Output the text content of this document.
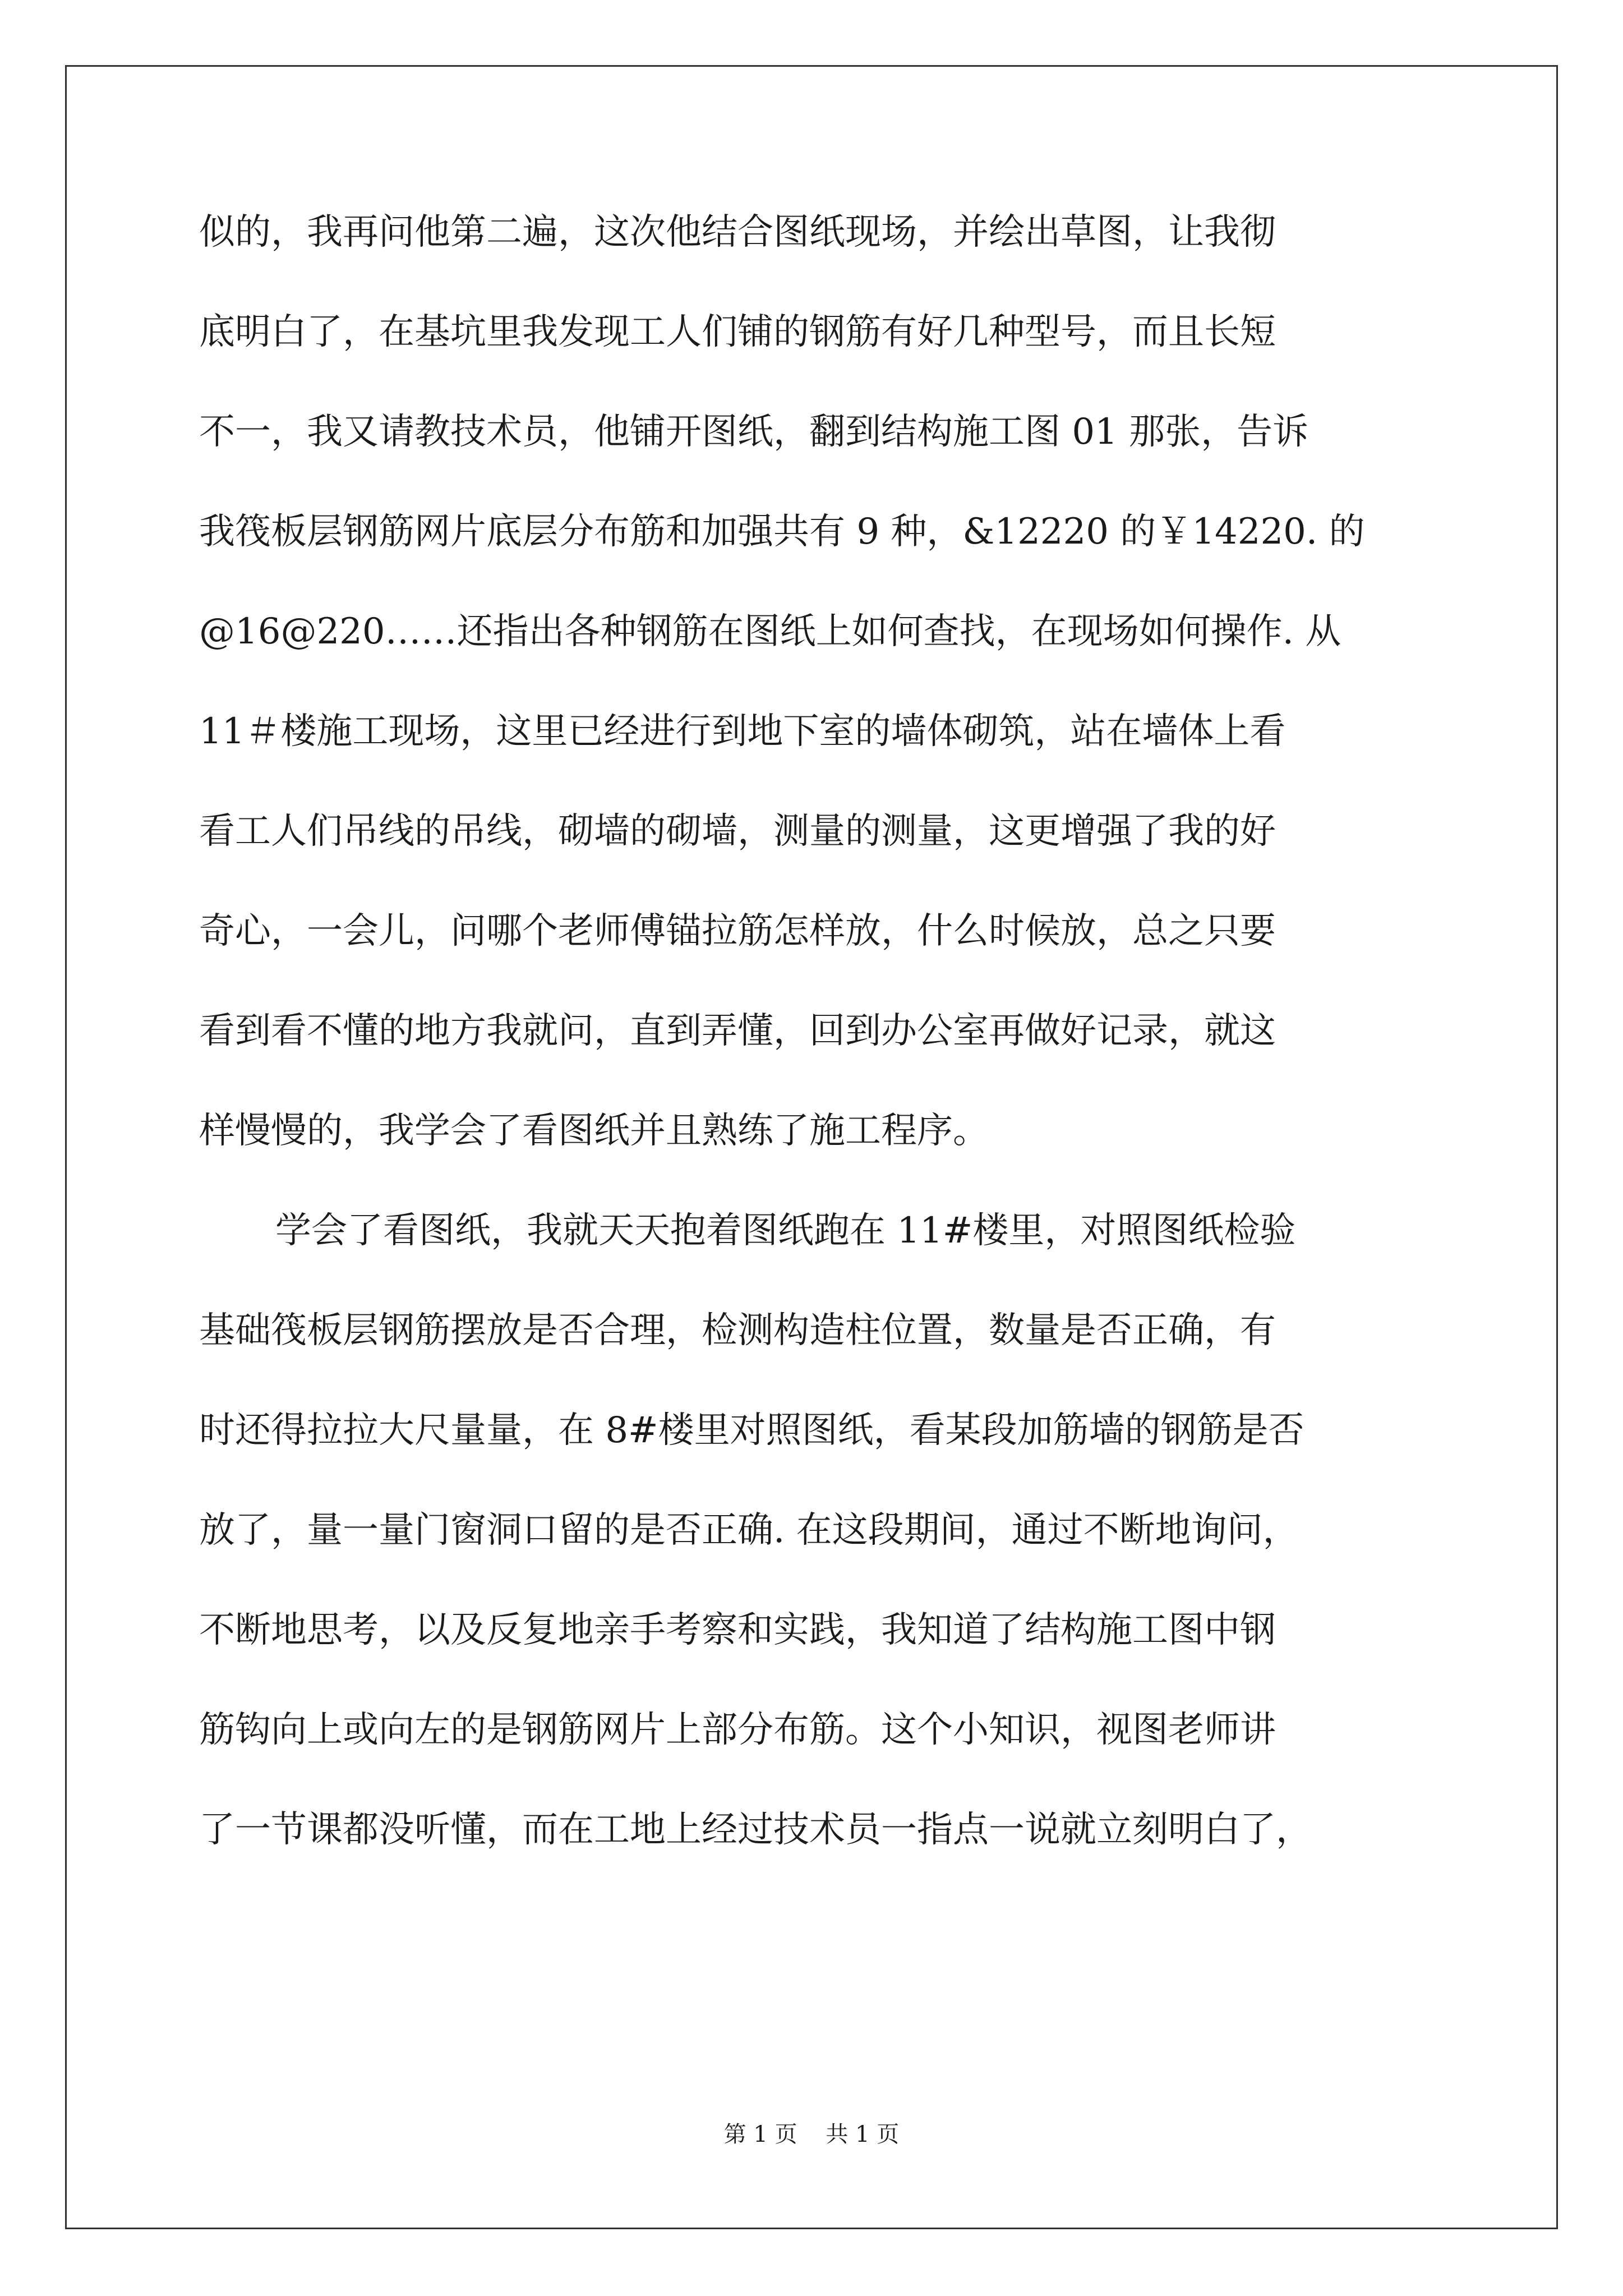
似的，我再问他第二遍，这次他结合图纸现场，并绘出草图，让我彻
底明白了，在基坑里我发现工人们铺的钢筋有好几种型号，而且长短
不一，我又请教技术员，他铺开图纸，翻到结构施工图 01 那张，告诉
我筏板层钢筋网片底层分布筋和加强共有 9 种，&12220 的￥14220. 的
@16@220……还指出各种钢筋在图纸上如何查找，在现场如何操作. 从
11＃楼施工现场，这里已经进行到地下室的墙体砌筑，站在墙体上看
看工人们吊线的吊线，砌墙的砌墙，测量的测量，这更增强了我的好
奇心，一会儿，问哪个老师傅锚拉筋怎样放，什么时候放，总之只要
看到看不懂的地方我就问，直到弄懂，回到办公室再做好记录，就这
样慢慢的，我学会了看图纸并且熟练了施工程序。
学会了看图纸，我就天天抱着图纸跑在 11#楼里，对照图纸检验
基础筏板层钢筋摆放是否合理，检测构造柱位置，数量是否正确，有
时还得拉拉大尺量量，在 8#楼里对照图纸，看某段加筋墙的钢筋是否
放了，量一量门窗洞口留的是否正确. 在这段期间，通过不断地询问，
不断地思考，以及反复地亲手考察和实践，我知道了结构施工图中钢
筋钩向上或向左的是钢筋网片上部分布筋。这个小知识，视图老师讲
了一节课都没听懂，而在工地上经过技术员一指点一说就立刻明白了，
第 1 页    共 1 页
